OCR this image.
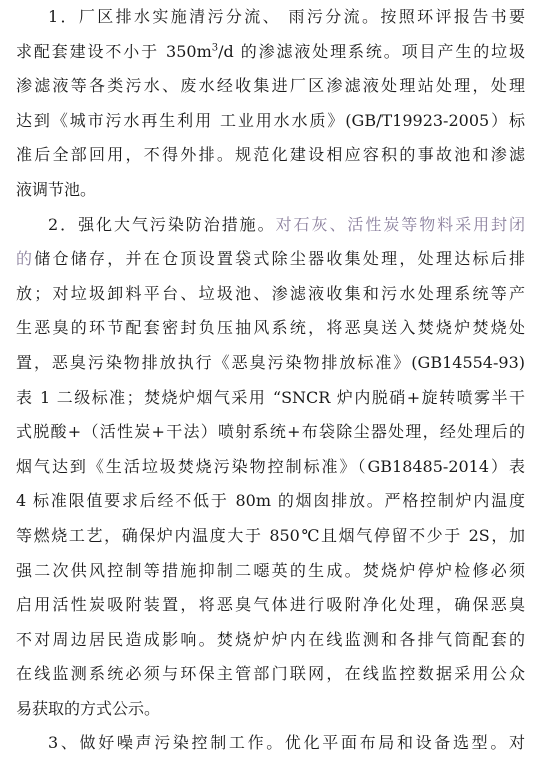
1．厂区排水实施清污分流、 雨污分流。按照环评报告书要
求配套建设不小于 $350m^3/d$ 的渗滤液处理系统。项目产生的垃圾
渗滤液等各类污水、废水经收集进厂区渗滤液处理站处理，处理
达到《城市污水再生利用 工业用水水质》(GB/T19923-2005）标
准后全部回用，不得外排。规范化建设相应容积的事故池和渗滤
液调节池。
2．强化大气污染防治措施。对石灰、活性炭等物料采用封闭
的储仓储存，并在仓顶设置袋式除尘器收集处理，处理达标后排
放；对垃圾卸料平台、垃圾池、渗滤液收集和污水处理系统等产
生恶臭的环节配套密封负压抽风系统，将恶臭送入焚烧炉焚烧处
置，恶臭污染物排放执行《恶臭污染物排放标准》(GB14554-93)
表 1 二级标准；焚烧炉烟气采用 “SNCR 炉内脱硝+旋转喷雾半干
式脱酸+（活性炭+干法）喷射系统+布袋除尘器处理，经处理后的
烟气达到《生活垃圾焚烧污染物控制标准》（GB18485-2014）表
4 标准限值要求后经不低于 80m 的烟囱排放。严格控制炉内温度
等燃烧工艺，确保炉内温度大于 850℃且烟气停留不少于 2S，加
强二次供风控制等措施抑制二噁英的生成。焚烧炉停炉检修必须
启用活性炭吸附装置，将恶臭气体进行吸附净化处理，确保恶臭
不对周边居民造成影响。焚烧炉炉内在线监测和各排气筒配套的
在线监测系统必须与环保主管部门联网，在线监控数据采用公众
易获取的方式公示。
3、做好噪声污染控制工作。优化平面布局和设备选型。对
